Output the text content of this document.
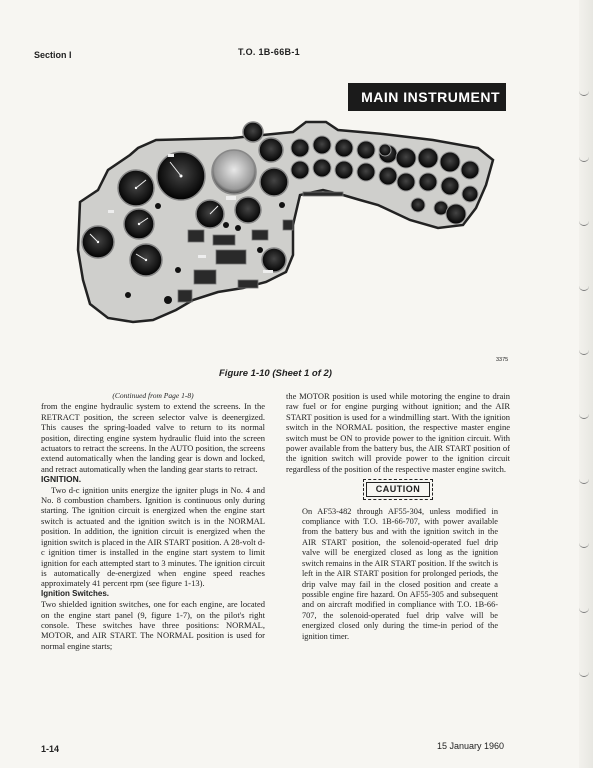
Section I	T.O. 1B-66B-1
MAIN INSTRUMENT
3375
Figure 1-10 (Sheet 1 of 2)

(Continued from Page 1-8)

from the engine hydraulic system to extend the screens. In the RETRACT position, the screen selector valve is deenergized. This causes the spring-loaded valve to return to its normal position, directing engine system hydraulic fluid into the screen actuators to retract the screens. In the AUTO position, the screens extend automatically when the landing gear is down and locked, and retract automatically when the landing gear starts to retract.

IGNITION.

Two d-c ignition units energize the igniter plugs in No. 4 and No. 8 combustion chambers. Ignition is continuous only during starting. The ignition circuit is energized when the engine start switch is actuated and the ignition switch is in the NORMAL position. In addition, the ignition circuit is energized when the ignition switch is placed in the AIR START position. A 28-volt d-c ignition timer is installed in the engine start system to limit ignition for each attempted start to 3 minutes. The ignition circuit is automatically de-energized when engine speed reaches approximately 41 percent rpm (see figure 1-13).

Ignition Switches.

Two shielded ignition switches, one for each engine, are located on the engine start panel (9, figure 1-7), on the pilot's right console. These switches have three positions: NORMAL, MOTOR, and AIR START. The NORMAL position is used for normal engine starts;

the MOTOR position is used while motoring the engine to drain raw fuel or for engine purging without ignition; and the AIR START position is used for a windmilling start. With the ignition switch in the NORMAL position, the respective master engine switch must be ON to provide power to the ignition circuit. With power available from the battery bus, the AIR START position of the ignition switch will provide power to the ignition circuit regardless of the position of the respective master engine switch.

CAUTION

On AF53-482 through AF55-304, unless modified in compliance with T.O. 1B-66-707, with power available from the battery bus and with the ignition switch in the AIR START position, the solenoid-operated fuel drip valve will be energized closed as long as the ignition switch remains in the AIR START position. If the switch is left in the AIR START position for prolonged periods, the drip valve may fail in the closed position and create a possible engine fire hazard. On AF55-305 and subsequent and on aircraft modified in compliance with T.O. 1B-66-707, the solenoid-operated fuel drip valve will be energized closed only during the time-in period of the ignition timer.

1-14	15 January 1960
